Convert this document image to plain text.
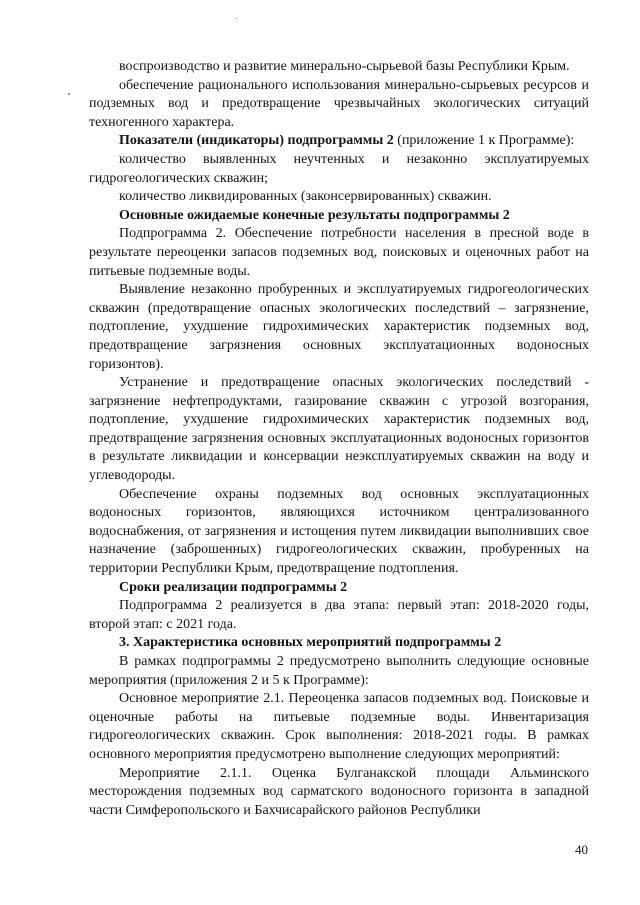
воспроизводство и развитие минерально-сырьевой базы Республики Крым.

обеспечение рационального использования минерально-сырьевых ресурсов и подземных вод и предотвращение чрезвычайных экологических ситуаций техногенного характера.

Показатели (индикаторы) подпрограммы 2 (приложение 1 к Программе):

количество выявленных неучтенных и незаконно эксплуатируемых гидрогеологических скважин;

количество ликвидированных (законсервированных) скважин.

Основные ожидаемые конечные результаты подпрограммы 2

Подпрограмма 2. Обеспечение потребности населения в пресной воде в результате переоценки запасов подземных вод, поисковых и оценочных работ на питьевые подземные воды.

Выявление незаконно пробуренных и эксплуатируемых гидрогеологических скважин (предотвращение опасных экологических последствий – загрязнение, подтопление, ухудшение гидрохимических характеристик подземных вод, предотвращение загрязнения основных эксплуатационных водоносных горизонтов).

Устранение и предотвращение опасных экологических последствий - загрязнение нефтепродуктами, газирование скважин с угрозой возгорания, подтопление, ухудшение гидрохимических характеристик подземных вод, предотвращение загрязнения основных эксплуатационных водоносных горизонтов в результате ликвидации и консервации неэксплуатируемых скважин на воду и углеводороды.

Обеспечение охраны подземных вод основных эксплуатационных водоносных горизонтов, являющихся источником централизованного водоснабжения, от загрязнения и истощения путем ликвидации выполнивших свое назначение (заброшенных) гидрогеологических скважин, пробуренных на территории Республики Крым, предотвращение подтопления.

Сроки реализации подпрограммы 2

Подпрограмма 2 реализуется в два этапа: первый этап: 2018-2020 годы, второй этап: с 2021 года.

3. Характеристика основных мероприятий подпрограммы 2

В рамках подпрограммы 2 предусмотрено выполнить следующие основные мероприятия (приложения 2 и 5 к Программе):

Основное мероприятие 2.1. Переоценка запасов подземных вод. Поисковые и оценочные работы на питьевые подземные воды. Инвентаризация гидрогеологических скважин. Срок выполнения: 2018-2021 годы. В рамках основного мероприятия предусмотрено выполнение следующих мероприятий:

Мероприятие 2.1.1. Оценка Булганакской площади Альминского месторождения подземных вод сарматского водоносного горизонта в западной части Симферопольского и Бахчисарайского районов Республики

40
